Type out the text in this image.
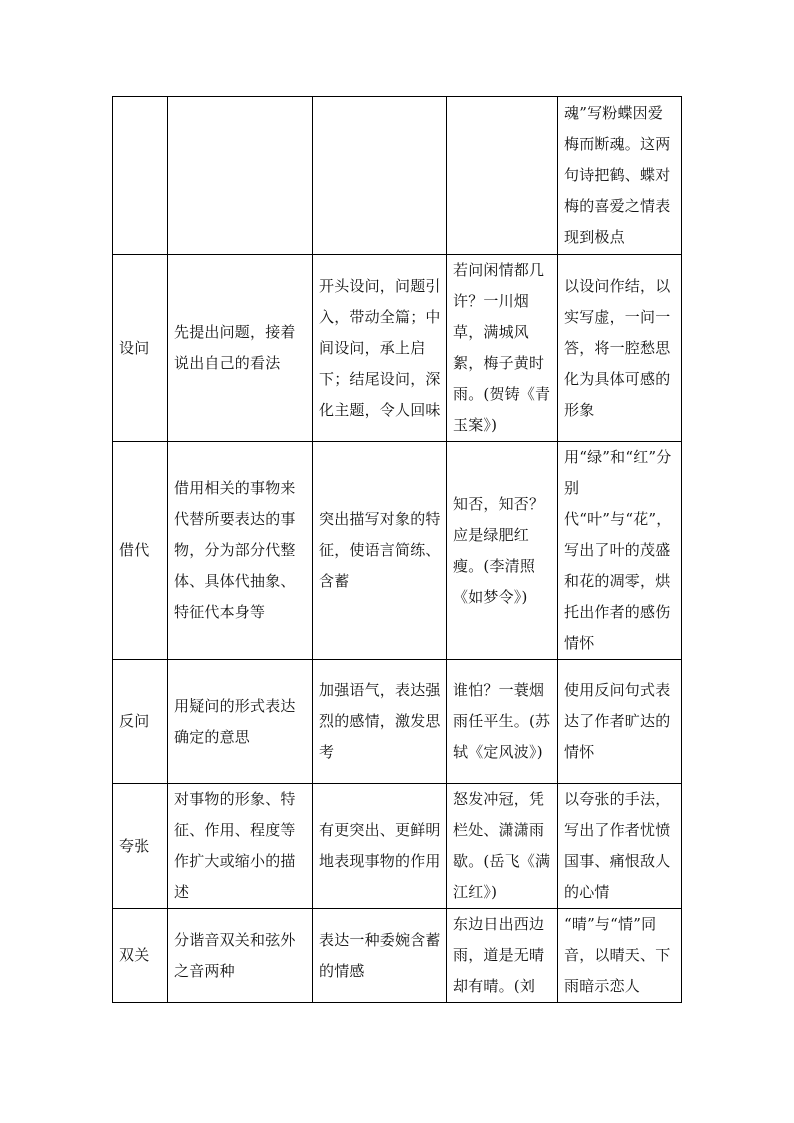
				魂”写粉蝶因爱梅而断魂。这两句诗把鹤、蝶对梅的喜爱之情表现到极点
设问	先提出问题，接着说出自己的看法	开头设问，问题引入，带动全篇；中间设问，承上启下；结尾设问，深化主题，令人回味	若问闲情都几许？一川烟草，满城风絮，梅子黄时雨。(贺铸《青玉案》)	以设问作结，以实写虚，一问一答，将一腔愁思化为具体可感的形象
借代	借用相关的事物来代替所要表达的事物，分为部分代整体、具体代抽象、特征代本身等	突出描写对象的特征，使语言简练、含蓄	知否，知否？应是绿肥红瘦。(李清照《如梦令》)	用“绿”和“红”分别代“叶”与“花”，写出了叶的茂盛和花的凋零，烘托出作者的感伤情怀
反问	用疑问的形式表达确定的意思	加强语气，表达强烈的感情，激发思考	谁怕？一蓑烟雨任平生。(苏轼《定风波》)	使用反问句式表达了作者旷达的情怀
夸张	对事物的形象、特征、作用、程度等作扩大或缩小的描述	有更突出、更鲜明地表现事物的作用	怒发冲冠，凭栏处、潇潇雨歇。(岳飞《满江红》)	以夸张的手法，写出了作者忧愤国事、痛恨敌人的心情
双关	分谐音双关和弦外之音两种	表达一种委婉含蓄的情感	东边日出西边雨，道是无晴却有晴。(刘	“晴”与“情”同音，以晴天、下雨暗示恋人
